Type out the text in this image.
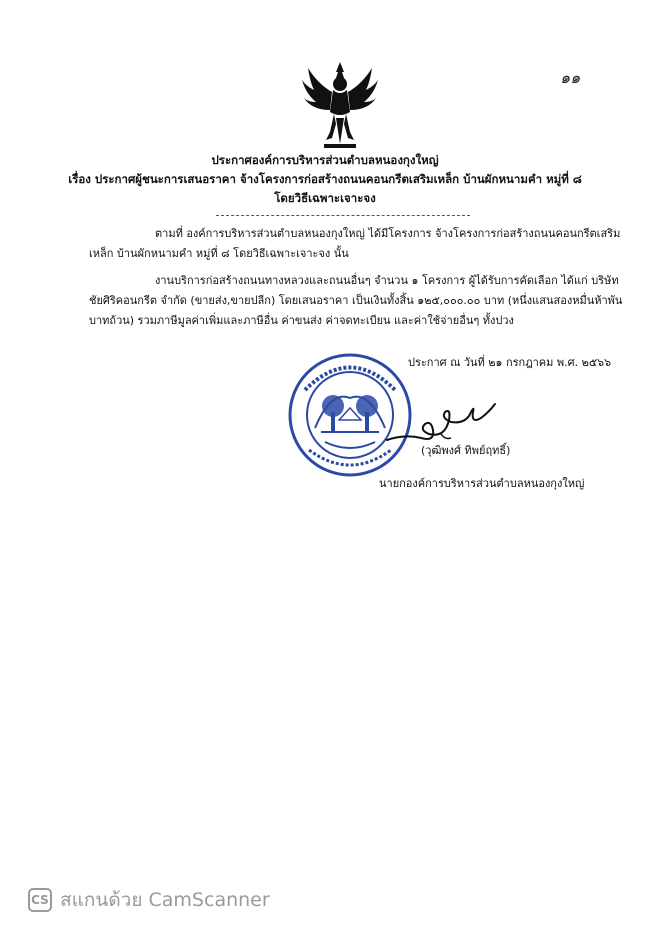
๑๑
ประกาศองค์การบริหารส่วนตำบลหนองกุงใหญ่
เรื่อง ประกาศผู้ชนะการเสนอราคา จ้างโครงการก่อสร้างถนนคอนกรีตเสริมเหล็ก บ้านผักหนามคำ หมู่ที่ ๘
โดยวิธีเฉพาะเจาะจง
ตามที่ องค์การบริหารส่วนตำบลหนองกุงใหญ่ ได้มีโครงการ จ้างโครงการก่อสร้างถนนคอนกรีตเสริม
เหล็ก บ้านผักหนามคำ หมู่ที่ ๘ โดยวิธีเฉพาะเจาะจง นั้น
งานบริการก่อสร้างถนนทางหลวงและถนนอื่นๆ จำนวน ๑ โครงการ ผู้ได้รับการคัดเลือก ได้แก่ บริษัท
ชัยศิริคอนกรีต จำกัด (ขายส่ง,ขายปลีก) โดยเสนอราคา เป็นเงินทั้งสิ้น ๑๒๕,๐๐๐.๐๐ บาท (หนึ่งแสนสองหมื่นห้าพัน
บาทถ้วน) รวมภาษีมูลค่าเพิ่มและภาษีอื่น ค่าขนส่ง ค่าจดทะเบียน และค่าใช้จ่ายอื่นๆ ทั้งปวง
ประกาศ ณ วันที่ ๒๑ กรกฎาคม พ.ศ. ๒๕๖๖
(วุฒิพงศ์ ทิพย์ฤทธิ์)
นายกองค์การบริหารส่วนตำบลหนองกุงใหญ่
CS สแกนด้วย CamScanner
